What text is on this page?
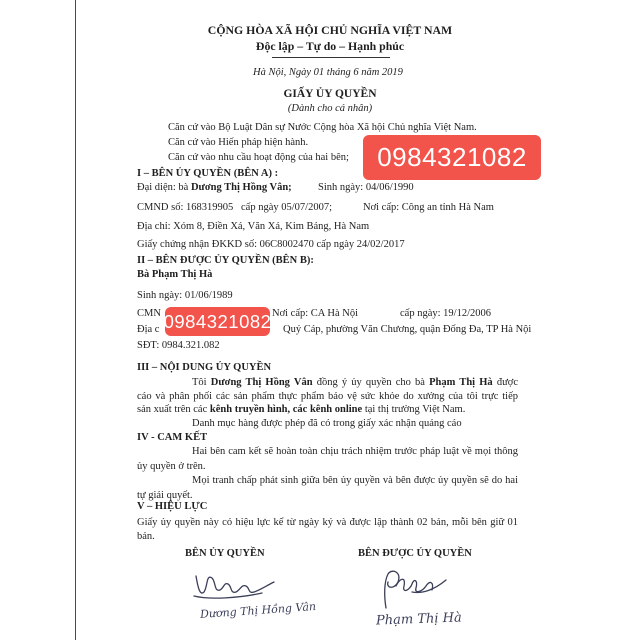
CỘNG HÒA XÃ HỘI CHỦ NGHĨA VIỆT NAM
Độc lập – Tự do – Hạnh phúc
Hà Nội, Ngày 01 tháng 6 năm 2019
GIẤY ỦY QUYỀN
(Dành cho cá nhân)
Căn cứ vào Bộ Luật Dân sự Nước Cộng hòa Xã hội Chủ nghĩa Việt Nam.
Căn cứ vào Hiến pháp hiện hành.
Căn cứ vào nhu cầu hoạt động của hai bên;
I – BÊN ỦY QUYỀN (BÊN A) :
Đại diện: bà Dương Thị Hồng Vân;	Sinh ngày: 04/06/1990
CMND số: 168319905 cấp ngày 05/07/2007;	Nơi cấp: Công an tỉnh Hà Nam
Địa chỉ: Xóm 8, Điền Xá, Văn Xá, Kim Bảng, Hà Nam
Giấy chứng nhận ĐKKD số: 06C8002470 cấp ngày 24/02/2017
II – BÊN ĐƯỢC ỦY QUYỀN (BÊN B):
Bà Phạm Thị Hà
Sinh ngày: 01/06/1989
CMN	Nơi cấp: CA Hà Nội	cấp ngày: 19/12/2006
Địa c	Quý Cáp, phường Văn Chương, quận Đống Đa, TP Hà Nội
SĐT: 0984.321.082
III – NỘI DUNG ỦY QUYỀN
Tôi Dương Thị Hồng Vân đồng ý ủy quyền cho bà Phạm Thị Hà được
cáo và phân phối các sản phẩm thực phẩm bảo vệ sức khỏe do xưởng của tôi trực tiếp
sản xuất trên các kênh truyền hình, các kênh online tại thị trường Việt Nam.
Danh mục hàng được phép đã có trong giấy xác nhận quảng cáo
IV - CAM KẾT
Hai bên cam kết sẽ hoàn toàn chịu trách nhiệm trước pháp luật về mọi thông
ủy quyền ở trên.
Mọi tranh chấp phát sinh giữa bên ủy quyền và bên được ủy quyền sẽ do hai
tự giải quyết.
V – HIỆU LỰC
Giấy ủy quyền này có hiệu lực kể từ ngày ký và được lập thành 02 bản, mỗi bên giữ 01
bản.
BÊN ỦY QUYỀN	BÊN ĐƯỢC ỦY QUYỀN
Dương Thị Hồng Vân	Phạm Thị Hà
0984321082
0984321082
